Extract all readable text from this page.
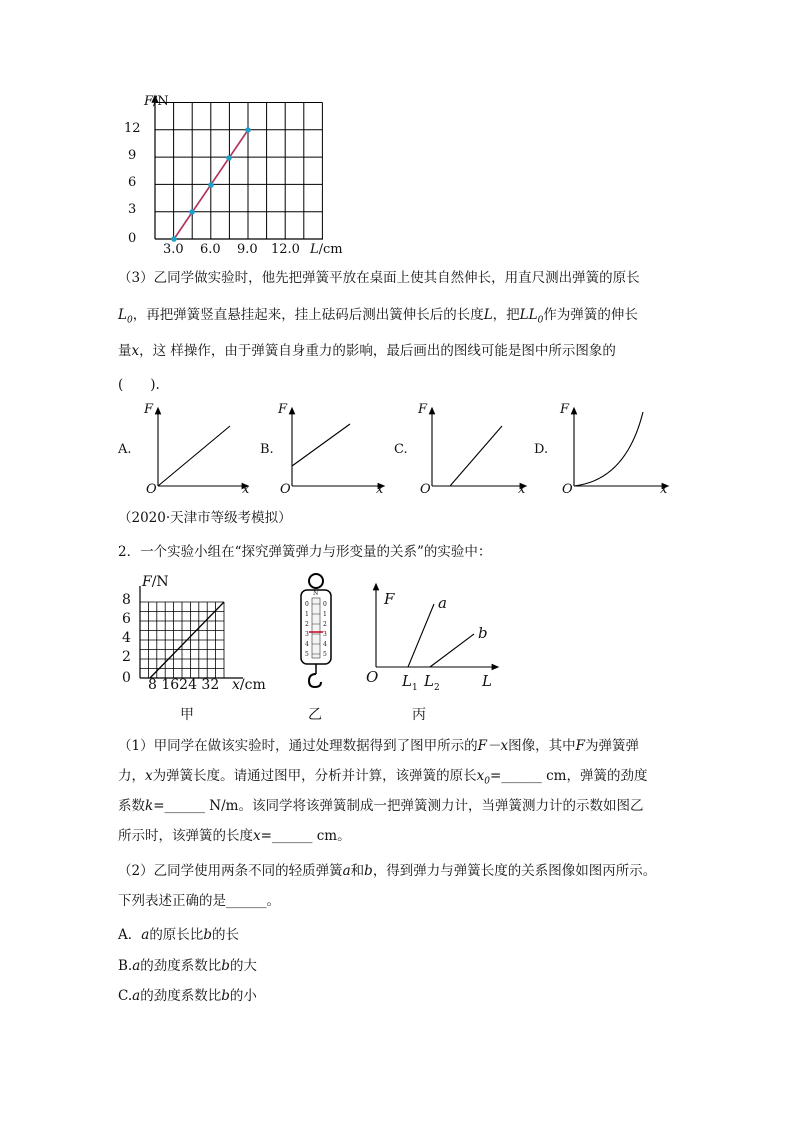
F/N
12
9
6
3
0
3.0 6.0 9.0 12.0 L/cm
（3）乙同学做实验时，他先把弹簧平放在桌面上使其自然伸长，用直尺测出弹簧的原长
$L_0$，再把弹簧竖直悬挂起来，挂上砝码后测出簧伸长后的长度L，把$LL_0$作为弹簧的伸长
量x，这 样操作，由于弹簧自身重力的影响，最后画出的图线可能是图中所示图象的
(　　).
A.
F
O	x
B.
F
O	x
C.
F
O	x
D.
F
O	x
（2020·天津市等级考模拟）
2．一个实验小组在“探究弹簧弹力与形变量的关系”的实验中：
F/N
8
6
4
2
0 8 1624 32 x/cm
甲
N
0
1
2
3
4
5
0
1
2
3
4
5
乙
F
O	L
a
b
$L_1$ $L_2$
丙
（1）甲同学在做该实验时，通过处理数据得到了图甲所示的F－x图像，其中F为弹簧弹
力，x为弹簧长度。请通过图甲，分析并计算，该弹簧的原长$x_0=\_\_\_\_\_\_$ cm，弹簧的劲度
系数k=______ N/m。该同学将该弹簧制成一把弹簧测力计，当弹簧测力计的示数如图乙
所示时，该弹簧的长度x=______ cm。
（2）乙同学使用两条不同的轻质弹簧a和b，得到弹力与弹簧长度的关系图像如图丙所示。
下列表述正确的是______。
A．a的原长比b的长
B.a的劲度系数比b的大
C.a的劲度系数比b的小
